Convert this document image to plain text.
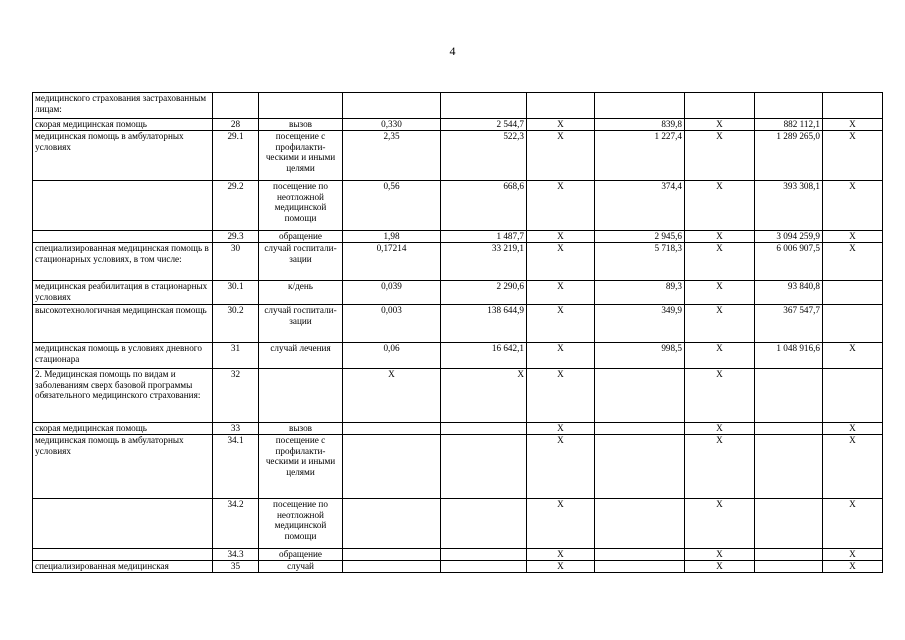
4
медицинского страхования застрахованным лицам:									
скорая медицинская помощь	28	вызов	0,330	2 544,7	X	839,8	X	882 112,1	X
медицинская помощь в амбулаторных условиях	29.1	посещение с профилакти-ческими и иными целями	2,35	522,3	X	1 227,4	X	1 289 265,0	X
	29.2	посещение по неотложной медицинской помощи	0,56	668,6	X	374,4	X	393 308,1	X
	29.3	обращение	1,98	1 487,7	X	2 945,6	X	3 094 259,9	X
специализированная медицинская помощь в стационарных условиях, в том числе:	30	случай госпитали-зации	0,17214	33 219,1	X	5 718,3	X	6 006 907,5	X
медицинская реабилитация в стационарных условиях	30.1	к/день	0,039	2 290,6	X	89,3	X	93 840,8	
высокотехнологичная медицинская помощь	30.2	случай госпитали-зации	0,003	138 644,9	X	349,9	X	367 547,7	
медицинская помощь в условиях дневного стационара	31	случай лечения	0,06	16 642,1	X	998,5	X	1 048 916,6	X
2. Медицинская помощь по видам и заболеваниям сверх базовой программы обязательного медицинского страхования:	32		X	X	X		X		
скорая медицинская помощь	33	вызов			X		X		X
медицинская помощь в амбулаторных условиях	34.1	посещение с профилакти-ческими и иными целями			X		X		X
	34.2	посещение по неотложной медицинской помощи			X		X		X
	34.3	обращение			X		X		X
специализированная медицинская	35	случай			X		X		X
